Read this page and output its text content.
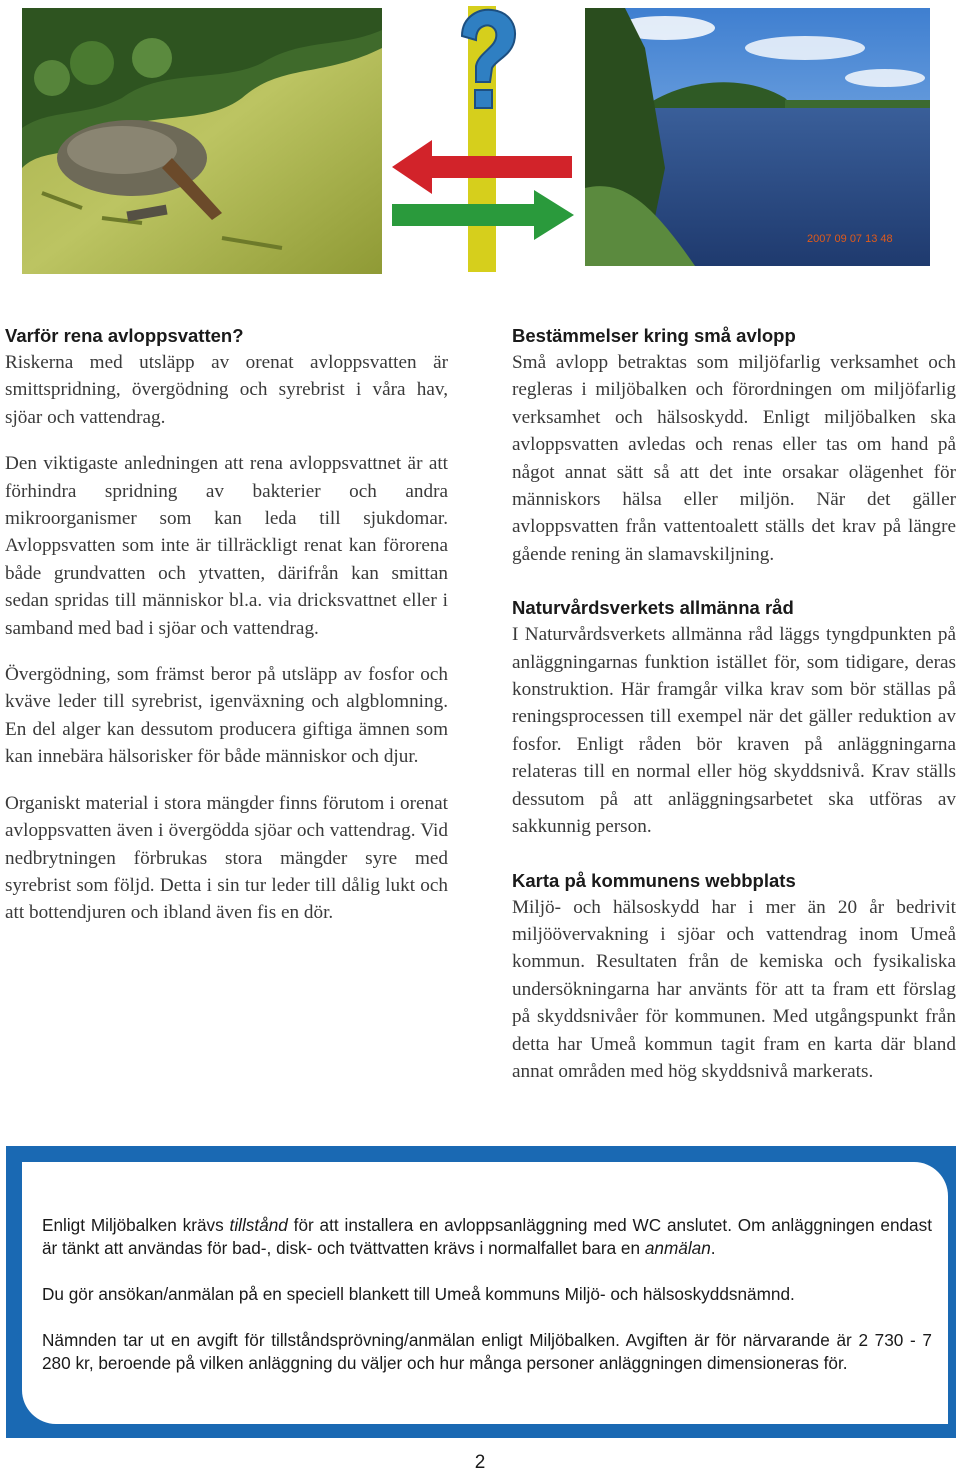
2007 09 07 13 48
Varför rena avloppsvatten?

Riskerna med utsläpp av orenat avloppsvatten är smittspridning, övergödning och syrebrist i våra hav, sjöar och vattendrag.

Den viktigaste anledningen att rena avloppsvattnet är att förhindra spridning av bakterier och andra mikroorganismer som kan leda till sjukdomar. Avloppsvatten som inte är tillräckligt renat kan förorena både grundvatten och ytvatten, därifrån kan smittan sedan spridas till människor bl.a. via dricksvattnet eller i samband med bad i sjöar och vattendrag.

Övergödning, som främst beror på utsläpp av fosfor och kväve leder till syrebrist, igenväxning och algblomning. En del alger kan dessutom producera giftiga ämnen som kan innebära hälsorisker för både människor och djur.

Organiskt material i stora mängder finns förutom i orenat avloppsvatten även i övergödda sjöar och vattendrag. Vid nedbrytningen förbrukas stora mängder syre med syrebrist som följd. Detta i sin tur leder till dålig lukt och att bottendjuren och ibland även fis en dör.

Bestämmelser kring små avlopp

Små avlopp betraktas som miljöfarlig verksamhet och regleras i miljöbalken och förordningen om miljöfarlig verksamhet och hälsoskydd. Enligt miljöbalken ska avloppsvatten avledas och renas eller tas om hand på något annat sätt så att det inte orsakar olägenhet för människors hälsa eller miljön. När det gäller avloppsvatten från vattentoalett ställs det krav på längre gående rening än slamavskiljning.

Naturvårdsverkets allmänna råd

I Naturvårdsverkets allmänna råd läggs tyngdpunkten på anläggningarnas funktion istället för, som tidigare, deras konstruktion. Här framgår vilka krav som bör ställas på reningsprocessen till exempel när det gäller reduktion av fosfor. Enligt råden bör kraven på anläggningarna relateras till en normal eller hög skyddsnivå. Krav ställs dessutom på att anläggningsarbetet ska utföras av sakkunnig person.

Karta på kommunens webbplats

Miljö- och hälsoskydd har i mer än 20 år bedrivit miljöövervakning i sjöar och vattendrag inom Umeå kommun. Resultaten från de kemiska och fysikaliska undersökningarna har använts för att ta fram ett förslag på skyddsnivåer för kommunen. Med utgångspunkt från detta har Umeå kommun tagit fram en karta där bland annat områden med hög skyddsnivå markerats.

Enligt Miljöbalken krävs tillstånd för att installera en avloppsanläggning med WC anslutet. Om anläggningen endast är tänkt att användas för bad-, disk- och tvättvatten krävs i normalfallet bara en anmälan.

Du gör ansökan/anmälan på en speciell blankett till Umeå kommuns Miljö- och hälsoskyddsnämnd.

Nämnden tar ut en avgift för tillståndsprövning/anmälan enligt Miljöbalken. Avgiften är för närvarande är 2 730 - 7 280 kr, beroende på vilken anläggning du väljer och hur många personer anläggningen dimensioneras för.

2
